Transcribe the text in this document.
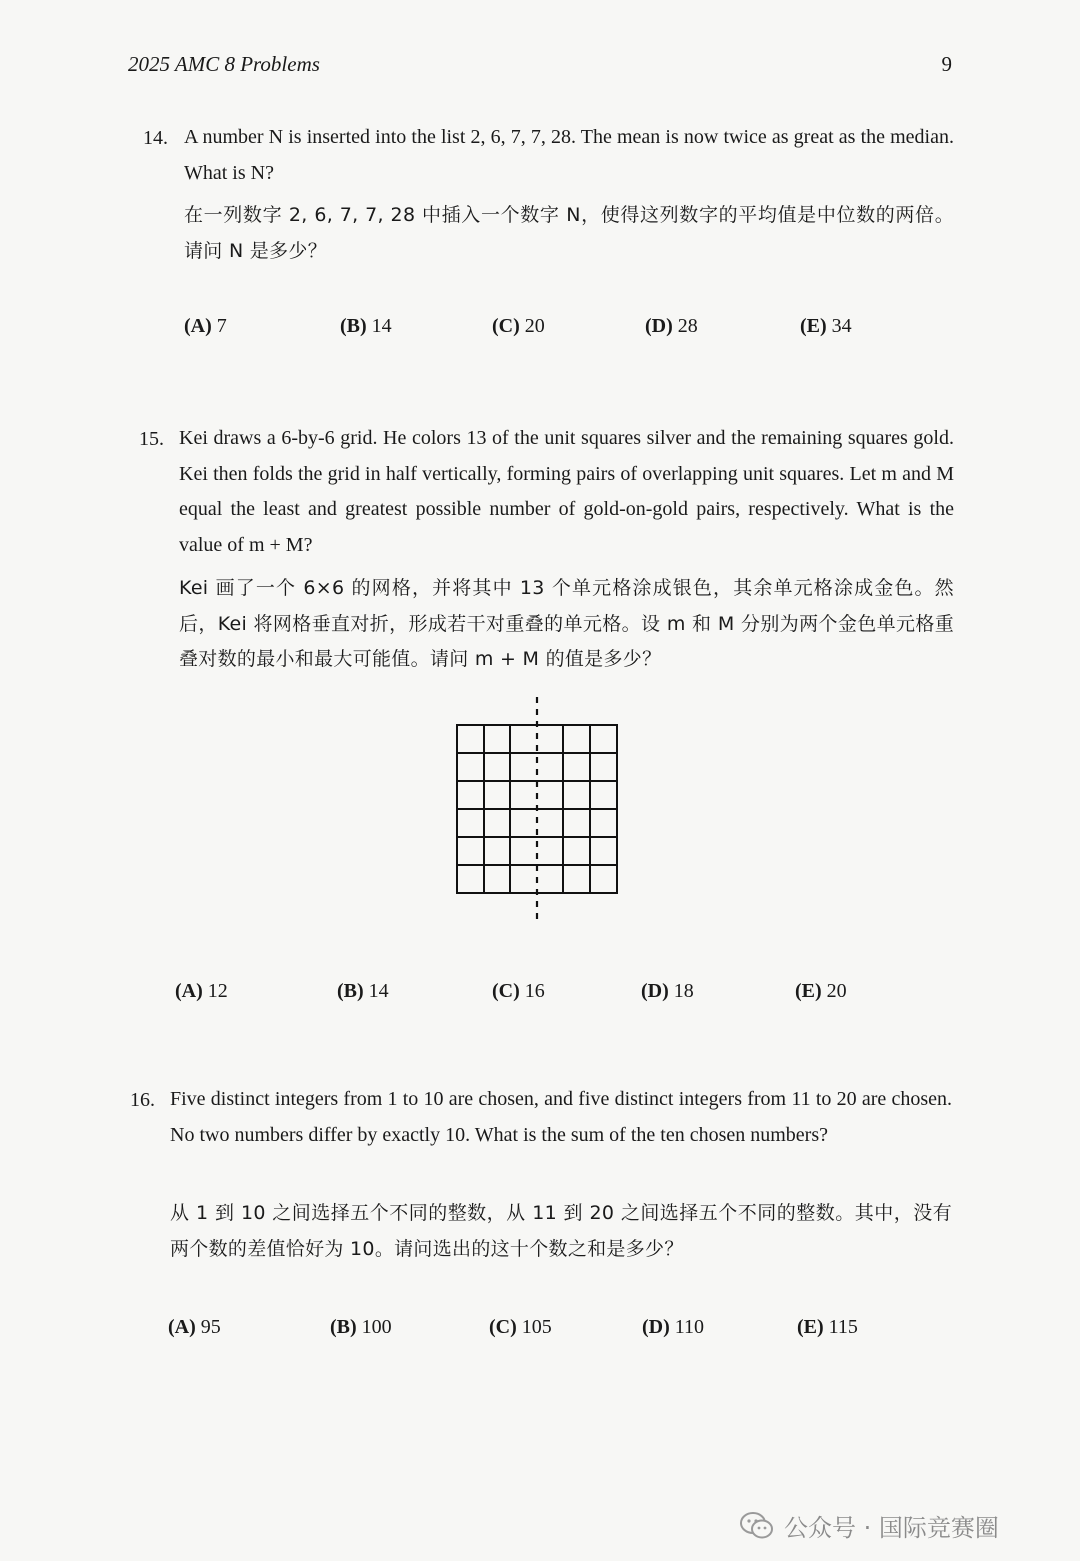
2025 AMC 8 Problems	9
14. A number N is inserted into the list 2, 6, 7, 7, 28. The mean is now twice as great as the median. What is N?
在一列数字 2, 6, 7, 7, 28 中插入一个数字 N，使得这列数字的平均值是中位数的两倍。请问 N 是多少？
(A) 7	(B) 14	(C) 20	(D) 28	(E) 34
15. Kei draws a 6-by-6 grid. He colors 13 of the unit squares silver and the remaining squares gold. Kei then folds the grid in half vertically, forming pairs of overlapping unit squares. Let m and M equal the least and greatest possible number of gold-on-gold pairs, respectively. What is the value of m + M?
Kei 画了一个 6×6 的网格，并将其中 13 个单元格涂成银色，其余单元格涂成金色。然后，Kei 将网格垂直对折，形成若干对重叠的单元格。设 m 和 M 分别为两个金色单元格重叠对数的最小和最大可能值。请问 m + M 的值是多少？
(A) 12	(B) 14	(C) 16	(D) 18	(E) 20
16. Five distinct integers from 1 to 10 are chosen, and five distinct integers from 11 to 20 are chosen. No two numbers differ by exactly 10. What is the sum of the ten chosen numbers?
从 1 到 10 之间选择五个不同的整数，从 11 到 20 之间选择五个不同的整数。其中，没有两个数的差值恰好为 10。请问选出的这十个数之和是多少？
(A) 95	(B) 100	(C) 105	(D) 110	(E) 115
公众号 · 国际竞赛圈
